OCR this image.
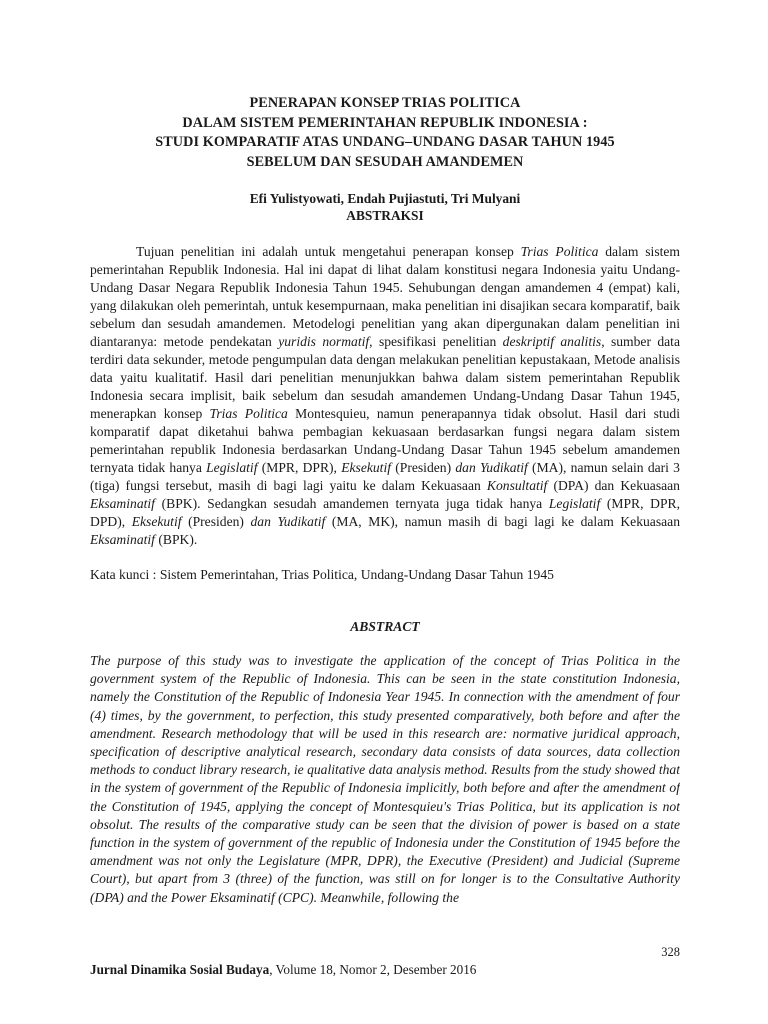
PENERAPAN KONSEP TRIAS POLITICA
DALAM SISTEM PEMERINTAHAN REPUBLIK INDONESIA :
STUDI KOMPARATIF ATAS UNDANG–UNDANG DASAR TAHUN 1945
SEBELUM DAN SESUDAH AMANDEMEN
Efi Yulistyowati, Endah Pujiastuti, Tri Mulyani
ABSTRAKSI

Tujuan penelitian ini adalah untuk mengetahui penerapan konsep Trias Politica dalam sistem pemerintahan Republik Indonesia. Hal ini dapat di lihat dalam konstitusi negara Indonesia yaitu Undang-Undang Dasar Negara Republik Indonesia Tahun 1945. Sehubungan dengan amandemen 4 (empat) kali, yang dilakukan oleh pemerintah, untuk kesempurnaan, maka penelitian ini disajikan secara komparatif, baik sebelum dan sesudah amandemen. Metodelogi penelitian yang akan dipergunakan dalam penelitian ini diantaranya: metode pendekatan yuridis normatif, spesifikasi penelitian deskriptif analitis, sumber data terdiri data sekunder, metode pengumpulan data dengan melakukan penelitian kepustakaan, Metode analisis data yaitu kualitatif. Hasil dari penelitian menunjukkan bahwa dalam sistem pemerintahan Republik Indonesia secara implisit, baik sebelum dan sesudah amandemen Undang-Undang Dasar Tahun 1945, menerapkan konsep Trias Politica Montesquieu, namun penerapannya tidak obsolut. Hasil dari studi komparatif dapat diketahui bahwa pembagian kekuasaan berdasarkan fungsi negara dalam sistem pemerintahan republik Indonesia berdasarkan Undang-Undang Dasar Tahun 1945 sebelum amandemen ternyata tidak hanya Legislatif (MPR, DPR), Eksekutif (Presiden) dan Yudikatif (MA), namun selain dari 3 (tiga) fungsi tersebut, masih di bagi lagi yaitu ke dalam Kekuasaan Konsultatif (DPA) dan Kekuasaan Eksaminatif (BPK). Sedangkan sesudah amandemen ternyata juga tidak hanya Legislatif (MPR, DPR, DPD), Eksekutif (Presiden) dan Yudikatif (MA, MK), namun masih di bagi lagi ke dalam Kekuasaan Eksaminatif (BPK).

Kata kunci : Sistem Pemerintahan, Trias Politica, Undang-Undang Dasar Tahun 1945
ABSTRACT

The purpose of this study was to investigate the application of the concept of Trias Politica in the government system of the Republic of Indonesia. This can be seen in the state constitution Indonesia, namely the Constitution of the Republic of Indonesia Year 1945. In connection with the amendment of four (4) times, by the government, to perfection, this study presented comparatively, both before and after the amendment. Research methodology that will be used in this research are: normative juridical approach, specification of descriptive analytical research, secondary data consists of data sources, data collection methods to conduct library research, ie qualitative data analysis method. Results from the study showed that in the system of government of the Republic of Indonesia implicitly, both before and after the amendment of the Constitution of 1945, applying the concept of Montesquieu's Trias Politica, but its application is not obsolut. The results of the comparative study can be seen that the division of power is based on a state function in the system of government of the republic of Indonesia under the Constitution of 1945 before the amendment was not only the Legislature (MPR, DPR), the Executive (President) and Judicial (Supreme Court), but apart from 3 (three) of the function, was still on for longer is to the Consultative Authority (DPA) and the Power Eksaminatif (CPC). Meanwhile, following the

328
Jurnal Dinamika Sosial Budaya, Volume 18, Nomor 2, Desember 2016
